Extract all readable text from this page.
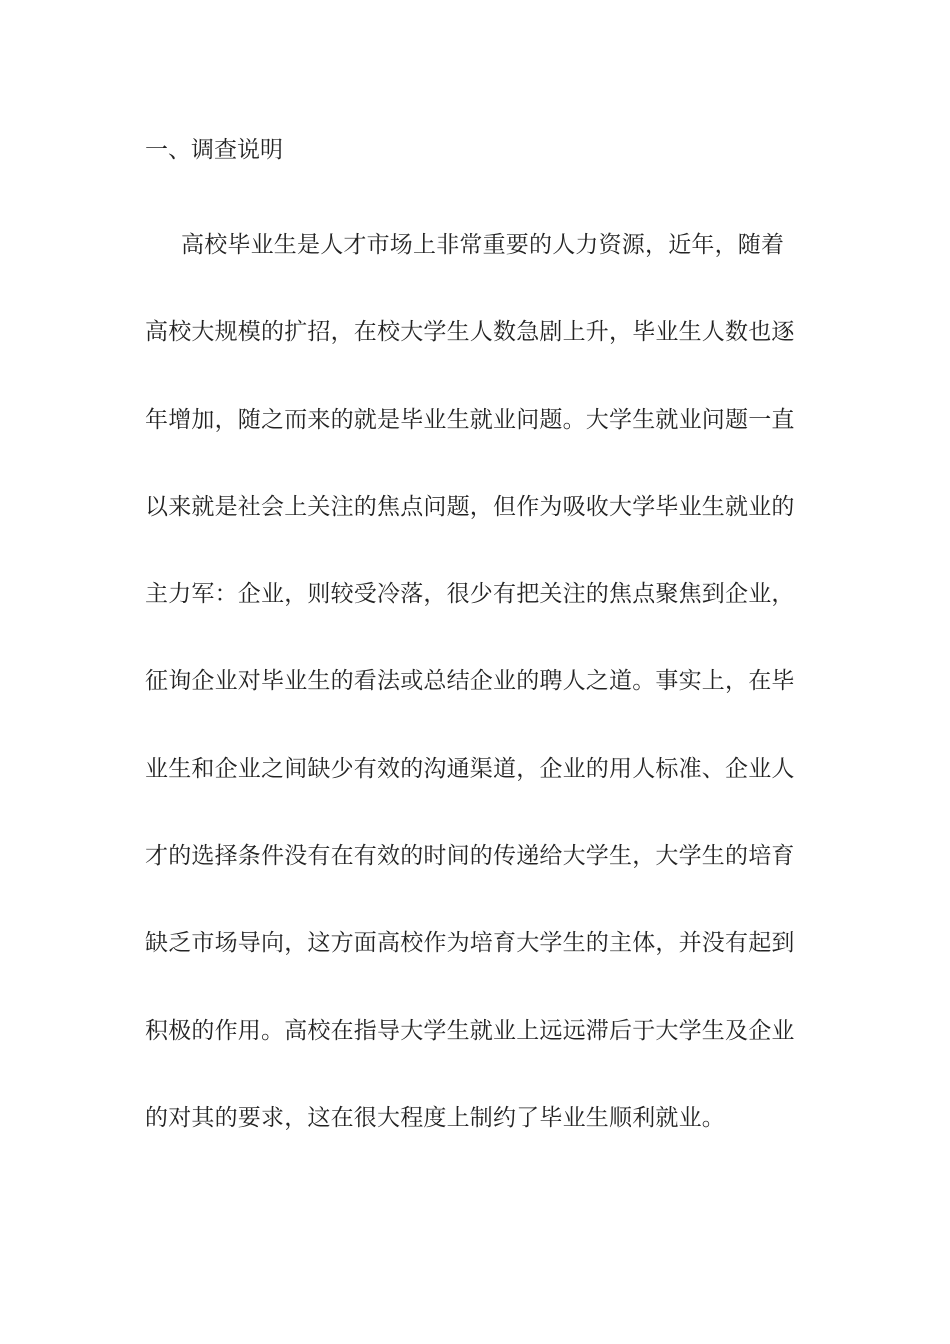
一、调查说明
高校毕业生是人才市场上非常重要的人力资源，近年，随着
高校大规模的扩招，在校大学生人数急剧上升，毕业生人数也逐
年增加，随之而来的就是毕业生就业问题。大学生就业问题一直
以来就是社会上关注的焦点问题，但作为吸收大学毕业生就业的
主力军：企业，则较受冷落，很少有把关注的焦点聚焦到企业，
征询企业对毕业生的看法或总结企业的聘人之道。事实上，在毕
业生和企业之间缺少有效的沟通渠道，企业的用人标准、企业人
才的选择条件没有在有效的时间的传递给大学生，大学生的培育
缺乏市场导向，这方面高校作为培育大学生的主体，并没有起到
积极的作用。高校在指导大学生就业上远远滞后于大学生及企业
的对其的要求，这在很大程度上制约了毕业生顺利就业。
